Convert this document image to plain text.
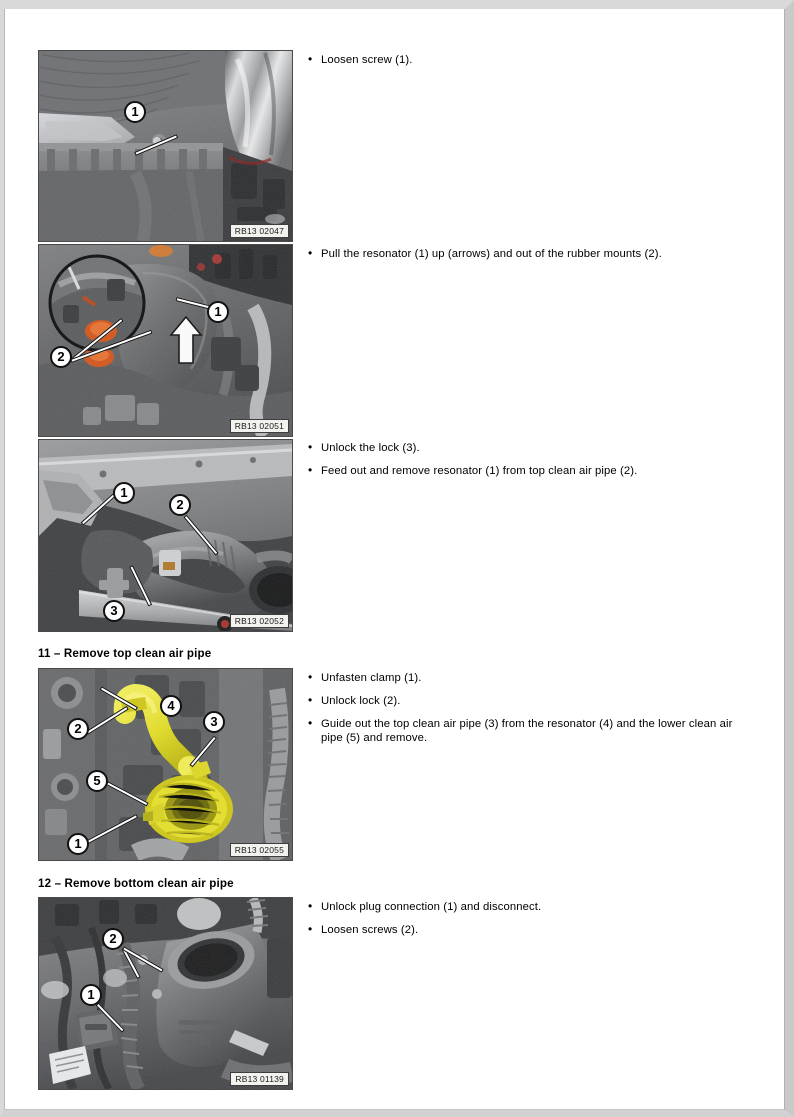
1
RB13 02047
• Loosen screw (1).
1
2
RB13 02051
• Pull the resonator (1) up (arrows) and out of the rubber mounts (2).
1
2
3
RB13 02052
• Unlock the lock (3).
• Feed out and remove resonator (1) from top clean air pipe (2).
11 – Remove top clean air pipe
2
4
3
5
1	RB13 02055
• Unfasten clamp (1).
• Unlock lock (2).
• Guide out the top clean air pipe (3) from the resonator (4) and the lower clean air pipe (5) and remove.
12 – Remove bottom clean air pipe
2
1
RB13 01139
• Unlock plug connection (1) and disconnect.
• Loosen screws (2).
